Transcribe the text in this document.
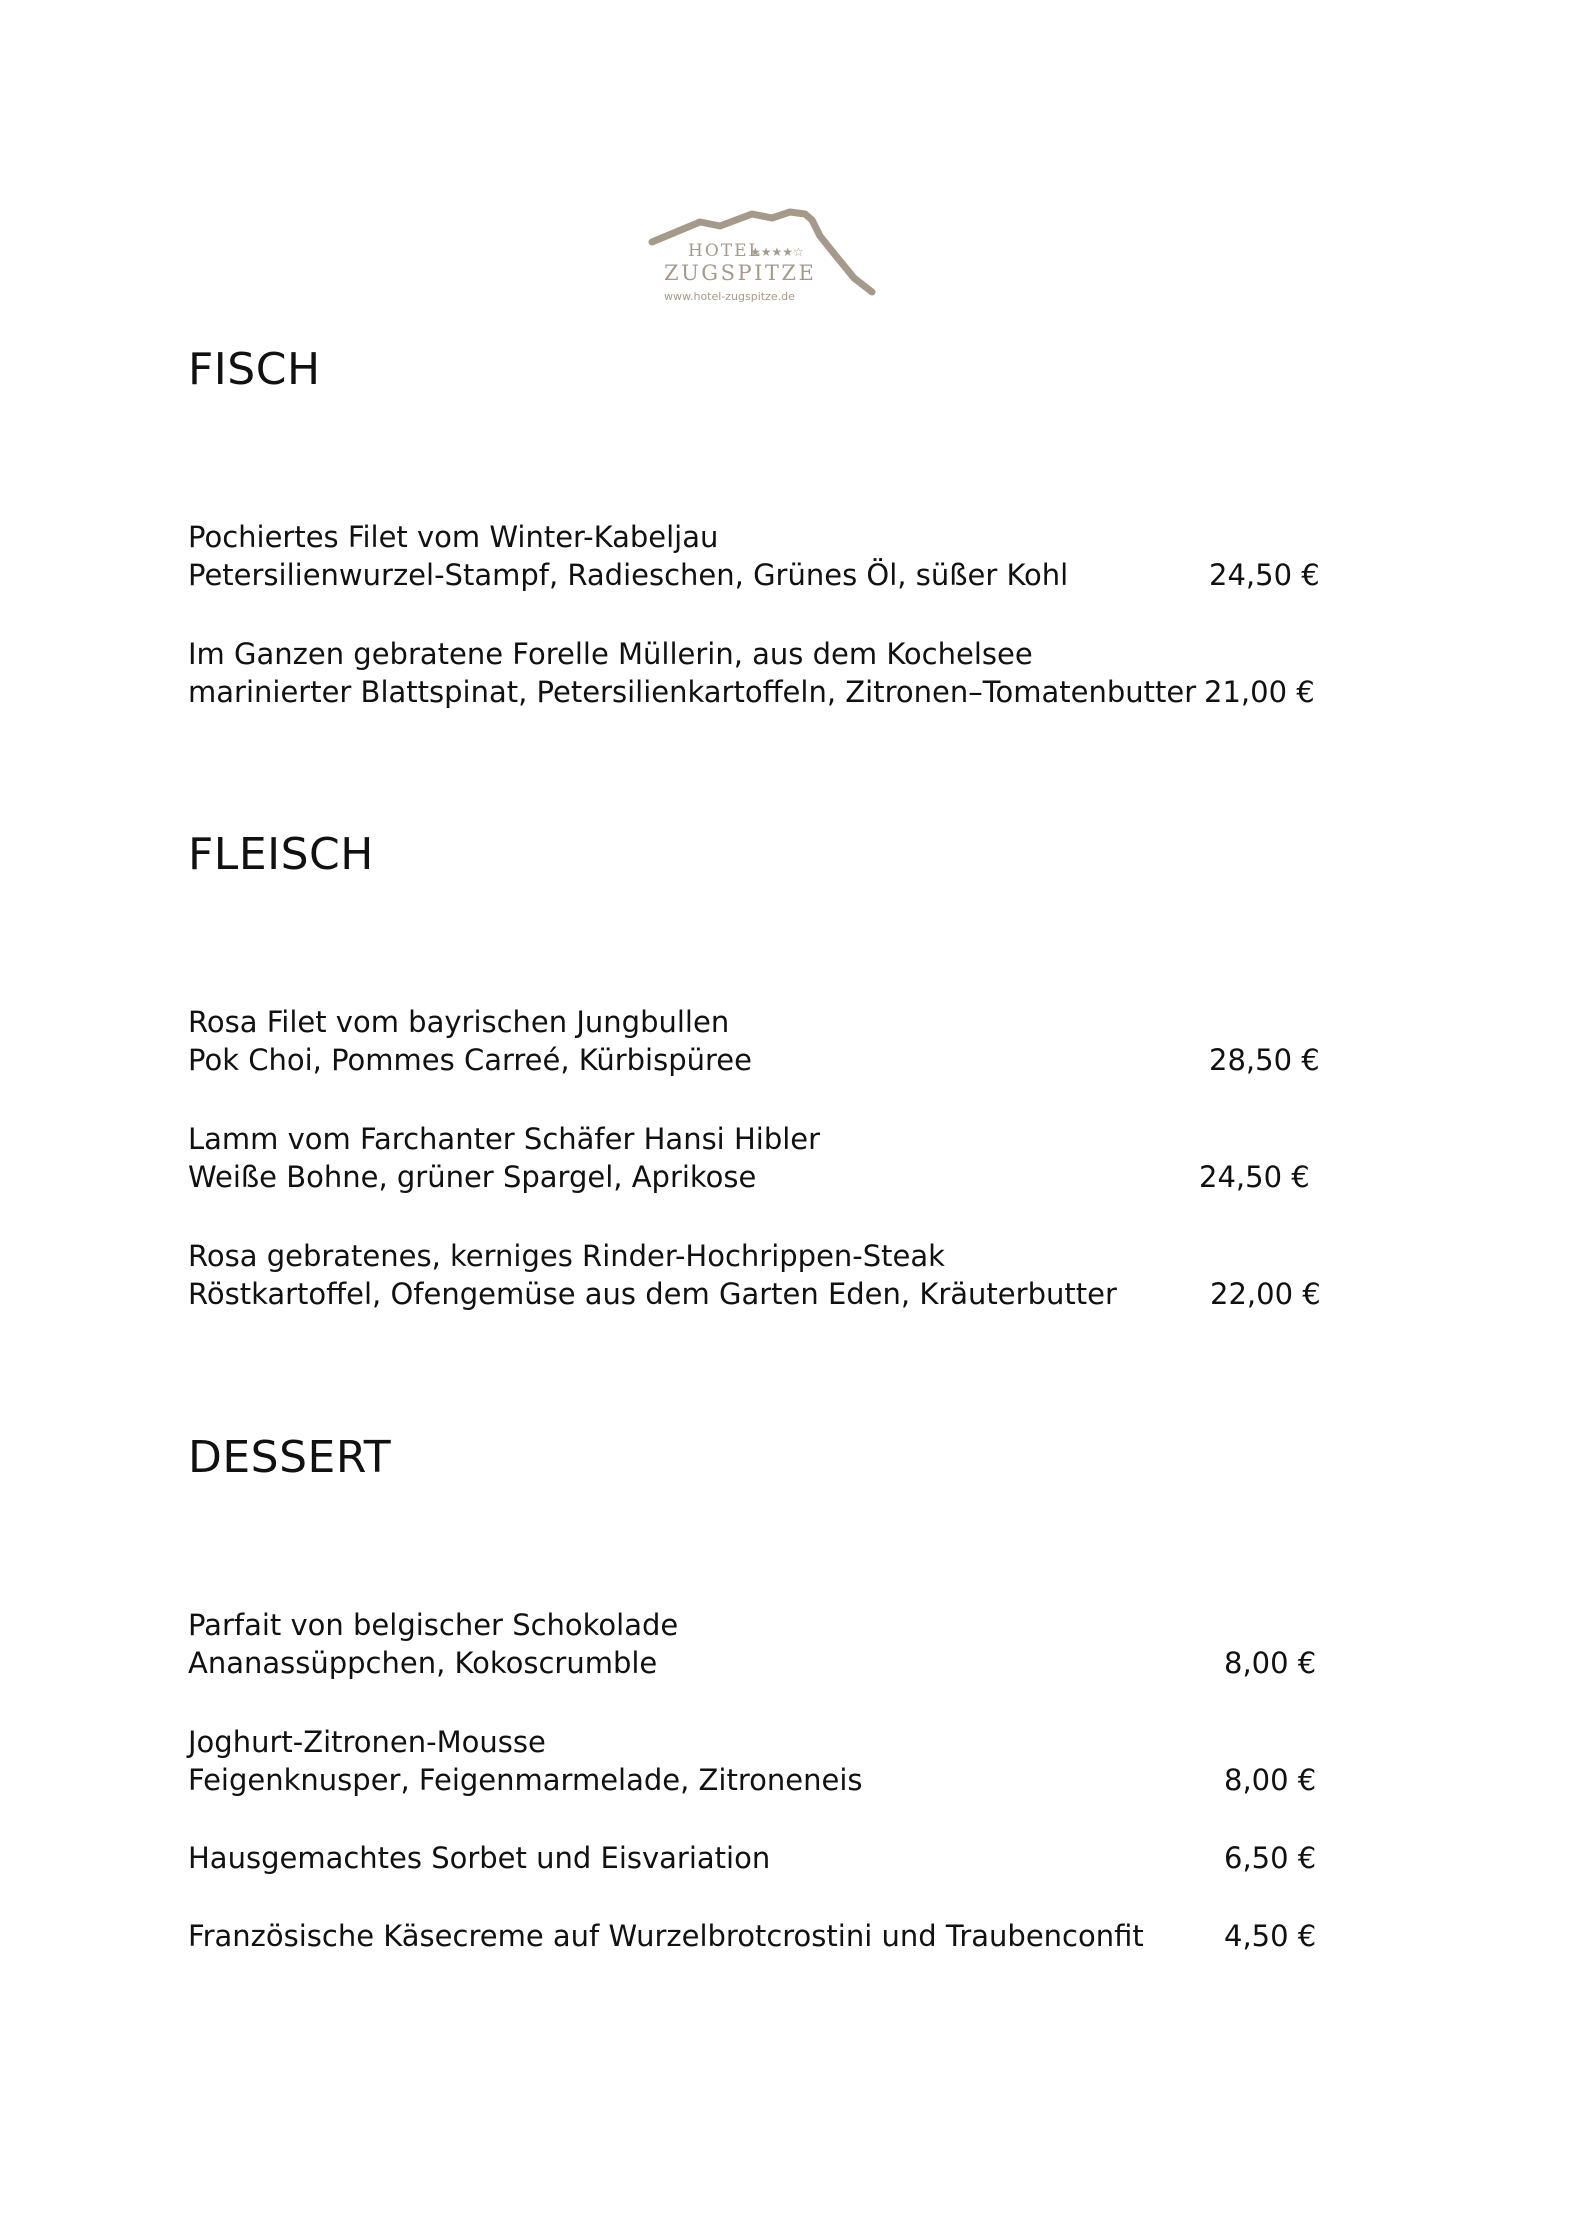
HOTEL
★★★★☆
ZUGSPITZE
www.hotel-zugspitze.de
FISCH

Pochiertes Filet vom Winter-Kabeljau

Petersilienwurzel-Stampf, Radieschen, Grünes Öl, süßer Kohl	24,50 €

Im Ganzen gebratene Forelle Müllerin, aus dem Kochelsee

marinierter Blattspinat, Petersilienkartoffeln, Zitronen–Tomatenbutter 21,00 €

FLEISCH

Rosa Filet vom bayrischen Jungbullen

Pok Choi, Pommes Carreé, Kürbispüree	28,50 €

Lamm vom Farchanter Schäfer Hansi Hibler

Weiße Bohne, grüner Spargel, Aprikose	24,50 €

Rosa gebratenes, kerniges Rinder-Hochrippen-Steak

Röstkartoffel, Ofengemüse aus dem Garten Eden, Kräuterbutter	22,00 €

DESSERT

Parfait von belgischer Schokolade

Ananassüppchen, Kokoscrumble	8,00 €

Joghurt-Zitronen-Mousse

Feigenknusper, Feigenmarmelade, Zitroneneis	8,00 €

Hausgemachtes Sorbet und Eisvariation	6,50 €

Französische Käsecreme auf Wurzelbrotcrostini und Traubenconfit	4,50 €
